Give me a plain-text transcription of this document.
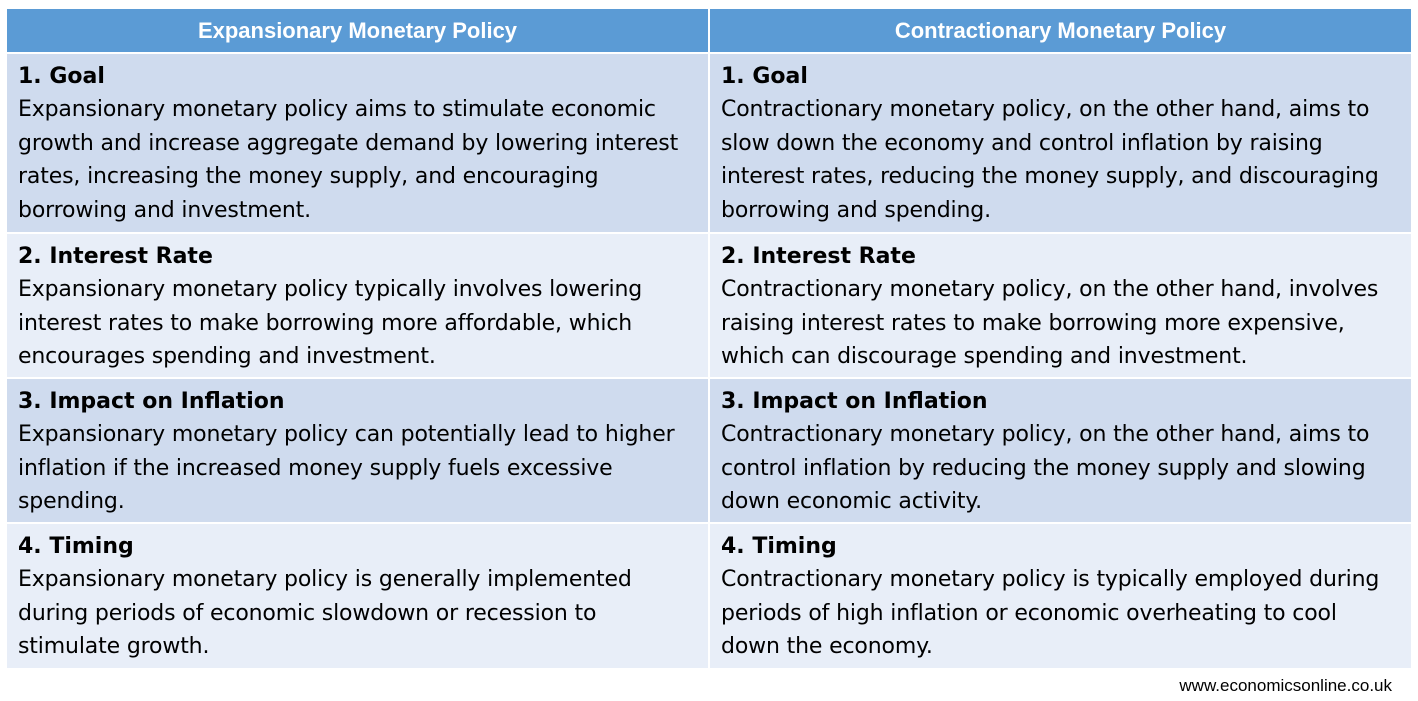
Expansionary Monetary Policy	Contractionary Monetary Policy
1. Goal
Expansionary monetary policy aims to stimulate economic growth and increase aggregate demand by lowering interest rates, increasing the money supply, and encouraging borrowing and investment.
1. Goal
Contractionary monetary policy, on the other hand, aims to slow down the economy and control inflation by raising interest rates, reducing the money supply, and discouraging borrowing and spending.
2. Interest Rate
Expansionary monetary policy typically involves lowering interest rates to make borrowing more affordable, which encourages spending and investment.
2. Interest Rate
Contractionary monetary policy, on the other hand, involves raising interest rates to make borrowing more expensive, which can discourage spending and investment.
3. Impact on Inflation
Expansionary monetary policy can potentially lead to higher inflation if the increased money supply fuels excessive spending.
3. Impact on Inflation
Contractionary monetary policy, on the other hand, aims to control inflation by reducing the money supply and slowing down economic activity.
4. Timing
Expansionary monetary policy is generally implemented during periods of economic slowdown or recession to stimulate growth.
4. Timing
Contractionary monetary policy is typically employed during periods of high inflation or economic overheating to cool down the economy.
www.economicsonline.co.uk
